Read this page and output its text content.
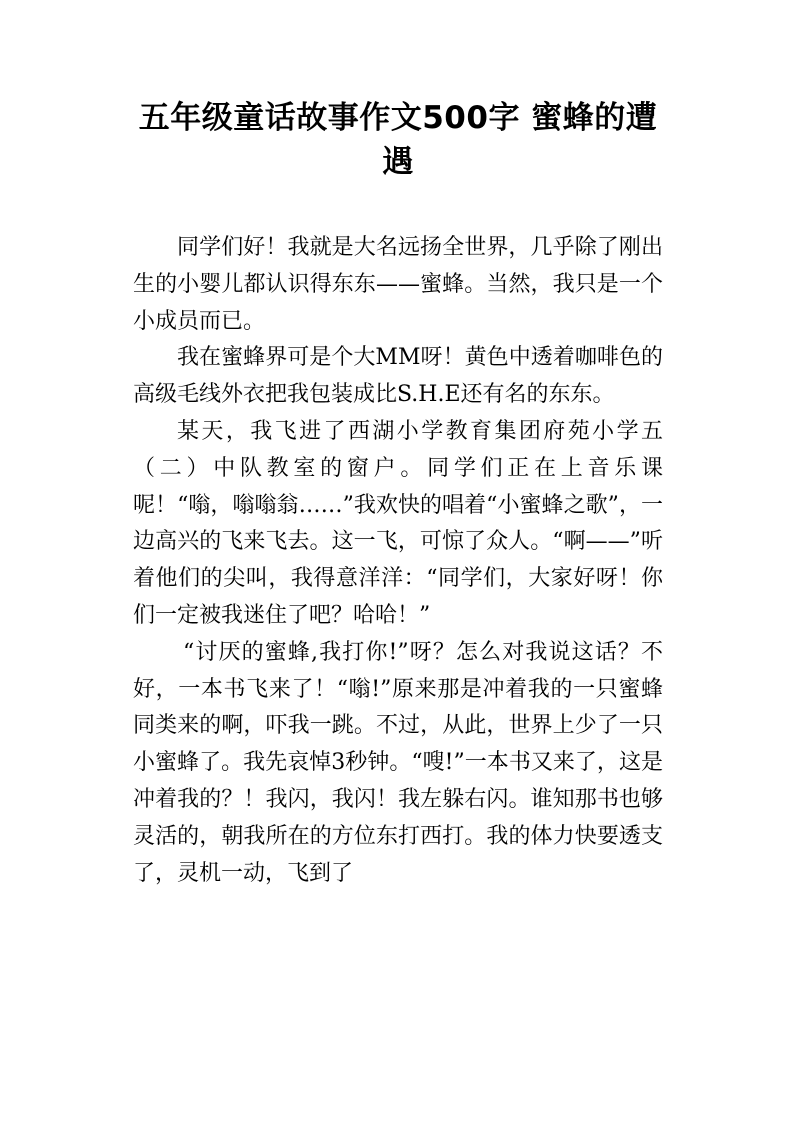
五年级童话故事作文500字 蜜蜂的遭遇

同学们好！我就是大名远扬全世界，几乎除了刚出生的小婴儿都认识得东东——蜜蜂。当然，我只是一个小成员而已。

我在蜜蜂界可是个大MM呀！黄色中透着咖啡色的高级毛线外衣把我包装成比S.H.E还有名的东东。

某天，我飞进了西湖小学教育集团府苑小学五（二）中队教室的窗户。同学们正在上音乐课呢！“嗡，嗡嗡翁……”我欢快的唱着“小蜜蜂之歌”，一边高兴的飞来飞去。这一飞，可惊了众人。“啊——”听着他们的尖叫，我得意洋洋：“同学们，大家好呀！你们一定被我迷住了吧？哈哈！”

“讨厌的蜜蜂,我打你!”呀？怎么对我说这话？不好，一本书飞来了！“嗡!”原来那是冲着我的一只蜜蜂同类来的啊，吓我一跳。不过，从此，世界上少了一只小蜜蜂了。我先哀悼3秒钟。“嗖!”一本书又来了，这是冲着我的？！我闪，我闪！我左躲右闪。谁知那书也够灵活的，朝我所在的方位东打西打。我的体力快要透支了，灵机一动，飞到了
